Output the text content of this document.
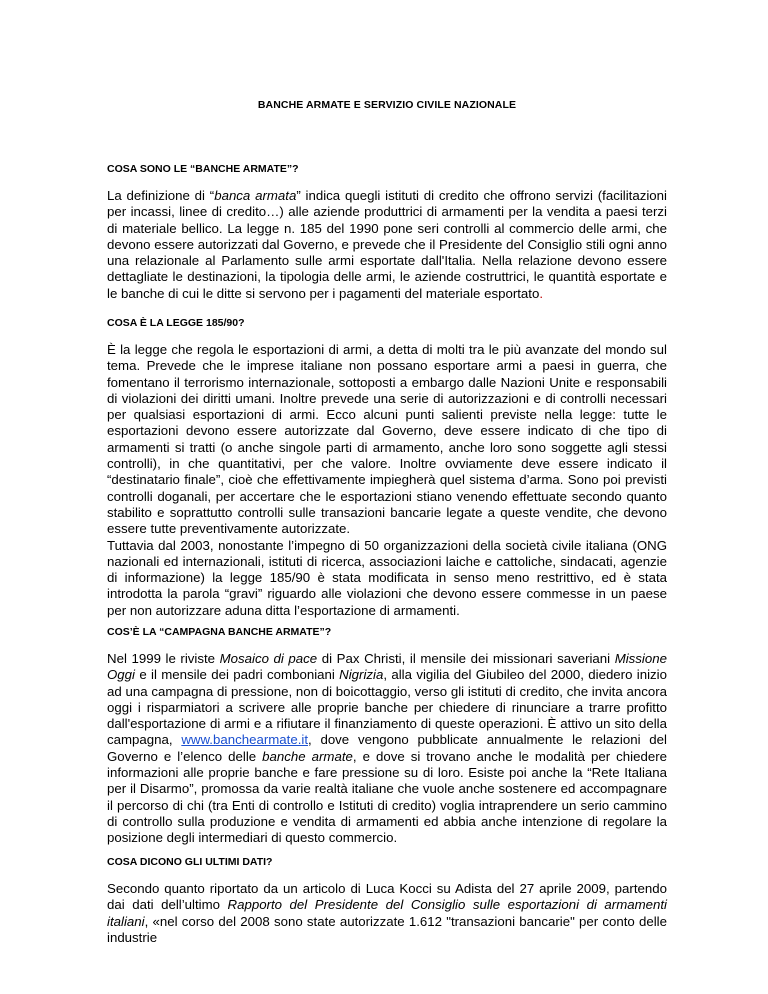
BANCHE ARMATE E SERVIZIO CIVILE NAZIONALE

COSA SONO LE “BANCHE ARMATE”?

La definizione di “banca armata” indica quegli istituti di credito che offrono servizi (facilitazioni per incassi, linee di credito…) alle aziende produttrici di armamenti per la vendita a paesi terzi di materiale bellico. La legge n. 185 del 1990 pone seri controlli al commercio delle armi, che devono essere autorizzati dal Governo, e prevede che il Presidente del Consiglio stili ogni anno una relazionale al Parlamento sulle armi esportate dall'Italia. Nella relazione devono essere dettagliate le destinazioni, la tipologia delle armi, le aziende costruttrici, le quantità esportate e le banche di cui le ditte si servono per i pagamenti del materiale esportato.

COSA È LA LEGGE 185/90?

È la legge che regola le esportazioni di armi, a detta di molti tra le più avanzate del mondo sul tema. Prevede che le imprese italiane non possano esportare armi a paesi in guerra, che fomentano il terrorismo internazionale, sottoposti a embargo dalle Nazioni Unite e responsabili di violazioni dei diritti umani. Inoltre prevede una serie di autorizzazioni e di controlli necessari per qualsiasi esportazioni di armi. Ecco alcuni punti salienti previste nella legge: tutte le esportazioni devono essere autorizzate dal Governo, deve essere indicato di che tipo di armamenti si tratti (o anche singole parti di armamento, anche loro sono soggette agli stessi controlli), in che quantitativi, per che valore. Inoltre ovviamente deve essere indicato il “destinatario finale”, cioè che effettivamente impiegherà quel sistema d’arma. Sono poi previsti controlli doganali, per accertare che le esportazioni stiano venendo effettuate secondo quanto stabilito e soprattutto controlli sulle transazioni bancarie legate a queste vendite, che devono essere tutte preventivamente autorizzate.

Tuttavia dal 2003, nonostante l’impegno di 50 organizzazioni della società civile italiana (ONG nazionali ed internazionali, istituti di ricerca, associazioni laiche e cattoliche, sindacati, agenzie di informazione) la legge 185/90 è stata modificata in senso meno restrittivo, ed è stata introdotta la parola “gravi” riguardo alle violazioni che devono essere commesse in un paese per non autorizzare aduna ditta l’esportazione di armamenti.

COS’È LA “CAMPAGNA BANCHE ARMATE”?

Nel 1999 le riviste Mosaico di pace di Pax Christi, il mensile dei missionari saveriani Missione Oggi e il mensile dei padri comboniani Nigrizia, alla vigilia del Giubileo del 2000, diedero inizio ad una campagna di pressione, non di boicottaggio, verso gli istituti di credito, che invita ancora oggi i risparmiatori a scrivere alle proprie banche per chiedere di rinunciare a trarre profitto dall'esportazione di armi e a rifiutare il finanziamento di queste operazioni. È attivo un sito della campagna, www.banchearmate.it, dove vengono pubblicate annualmente le relazioni del Governo e l’elenco delle banche armate, e dove si trovano anche le modalità per chiedere informazioni alle proprie banche e fare pressione su di loro. Esiste poi anche la “Rete Italiana per il Disarmo”, promossa da varie realtà italiane che vuole anche sostenere ed accompagnare il percorso di chi (tra Enti di controllo e Istituti di credito) voglia intraprendere un serio cammino di controllo sulla produzione e vendita di armamenti ed abbia anche intenzione di regolare la posizione degli intermediari di questo commercio.

COSA DICONO GLI ULTIMI DATI?

Secondo quanto riportato da un articolo di Luca Kocci su Adista del 27 aprile 2009, partendo dai dati dell’ultimo Rapporto del Presidente del Consiglio sulle esportazioni di armamenti italiani, «nel corso del 2008 sono state autorizzate 1.612 "transazioni bancarie" per conto delle industrie
